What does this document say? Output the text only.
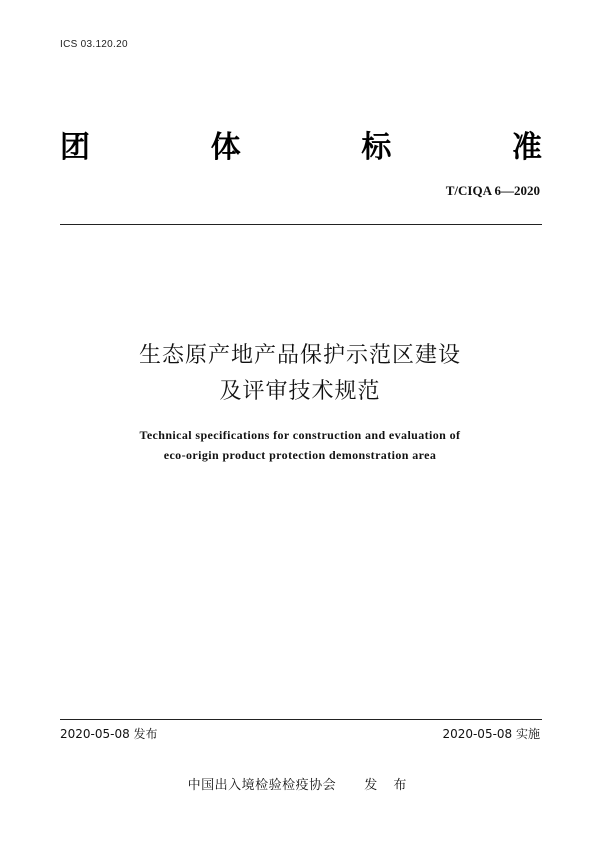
ICS 03.120.20
团	体	标	准
T/CIQA 6—2020
生态原产地产品保护示范区建设
及评审技术规范
Technical specifications for construction and evaluation of
eco-origin product protection demonstration area
2020-05-08 发布	2020-05-08 实施
中国出入境检验检疫协会 发 布
